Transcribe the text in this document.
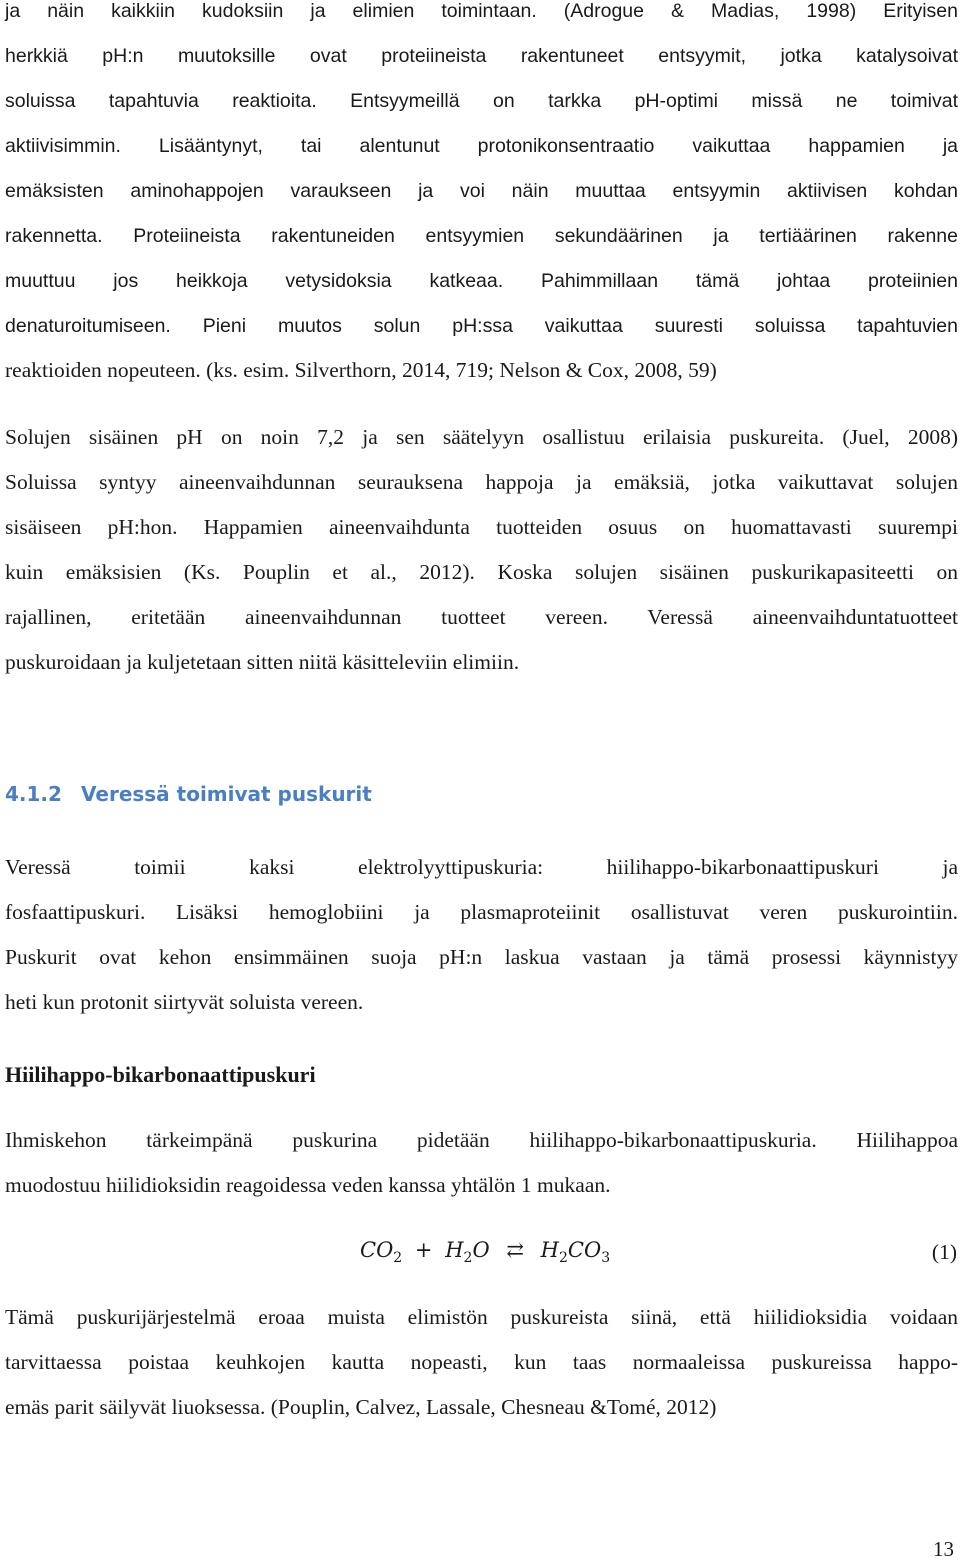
ja näin kaikkiin kudoksiin ja elimien toimintaan. (Adrogue & Madias, 1998) Erityisen
herkkiä pH:n muutoksille ovat proteiineista rakentuneet entsyymit, jotka katalysoivat
soluissa tapahtuvia reaktioita. Entsyymeillä on tarkka pH-optimi missä ne toimivat
aktiivisimmin. Lisääntynyt, tai alentunut protonikonsentraatio vaikuttaa happamien ja
emäksisten aminohappojen varaukseen ja voi näin muuttaa entsyymin aktiivisen kohdan
rakennetta. Proteiineista rakentuneiden entsyymien sekundäärinen ja tertiäärinen rakenne
muuttuu jos heikkoja vetysidoksia katkeaa. Pahimmillaan tämä johtaa proteiinien
denaturoitumiseen. Pieni muutos solun pH:ssa vaikuttaa suuresti soluissa tapahtuvien
reaktioiden nopeuteen. (ks. esim. Silverthorn, 2014, 719; Nelson & Cox, 2008, 59)
Solujen sisäinen pH on noin 7,2 ja sen säätelyyn osallistuu erilaisia puskureita. (Juel, 2008)
Soluissa syntyy aineenvaihdunnan seurauksena happoja ja emäksiä, jotka vaikuttavat solujen
sisäiseen pH:hon. Happamien aineenvaihdunta tuotteiden osuus on huomattavasti suurempi
kuin emäksisien (Ks. Pouplin et al., 2012). Koska solujen sisäinen puskurikapasiteetti on
rajallinen, eritetään aineenvaihdunnan tuotteet vereen. Veressä aineenvaihduntatuotteet
puskuroidaan ja kuljetetaan sitten niitä käsitteleviin elimiin.
4.1.2 Veressä toimivat puskurit
Veressä toimii kaksi elektrolyyttipuskuria: hiilihappo-bikarbonaattipuskuri ja
fosfaattipuskuri. Lisäksi hemoglobiini ja plasmaproteiinit osallistuvat veren puskurointiin.
Puskurit ovat kehon ensimmäinen suoja pH:n laskua vastaan ja tämä prosessi käynnistyy
heti kun protonit siirtyvät soluista vereen.
Hiilihappo-bikarbonaattipuskuri
Ihmiskehon tärkeimpänä puskurina pidetään hiilihappo-bikarbonaattipuskuria. Hiilihappoa
muodostuu hiilidioksidin reagoidessa veden kanssa yhtälön 1 mukaan.
$CO_2 + H_2O$ ⇄ $H_2CO_3$	(1)
Tämä puskurijärjestelmä eroaa muista elimistön puskureista siinä, että hiilidioksidia voidaan
tarvittaessa poistaa keuhkojen kautta nopeasti, kun taas normaaleissa puskureissa happo-
emäs parit säilyvät liuoksessa. (Pouplin, Calvez, Lassale, Chesneau &Tomé, 2012)
13
